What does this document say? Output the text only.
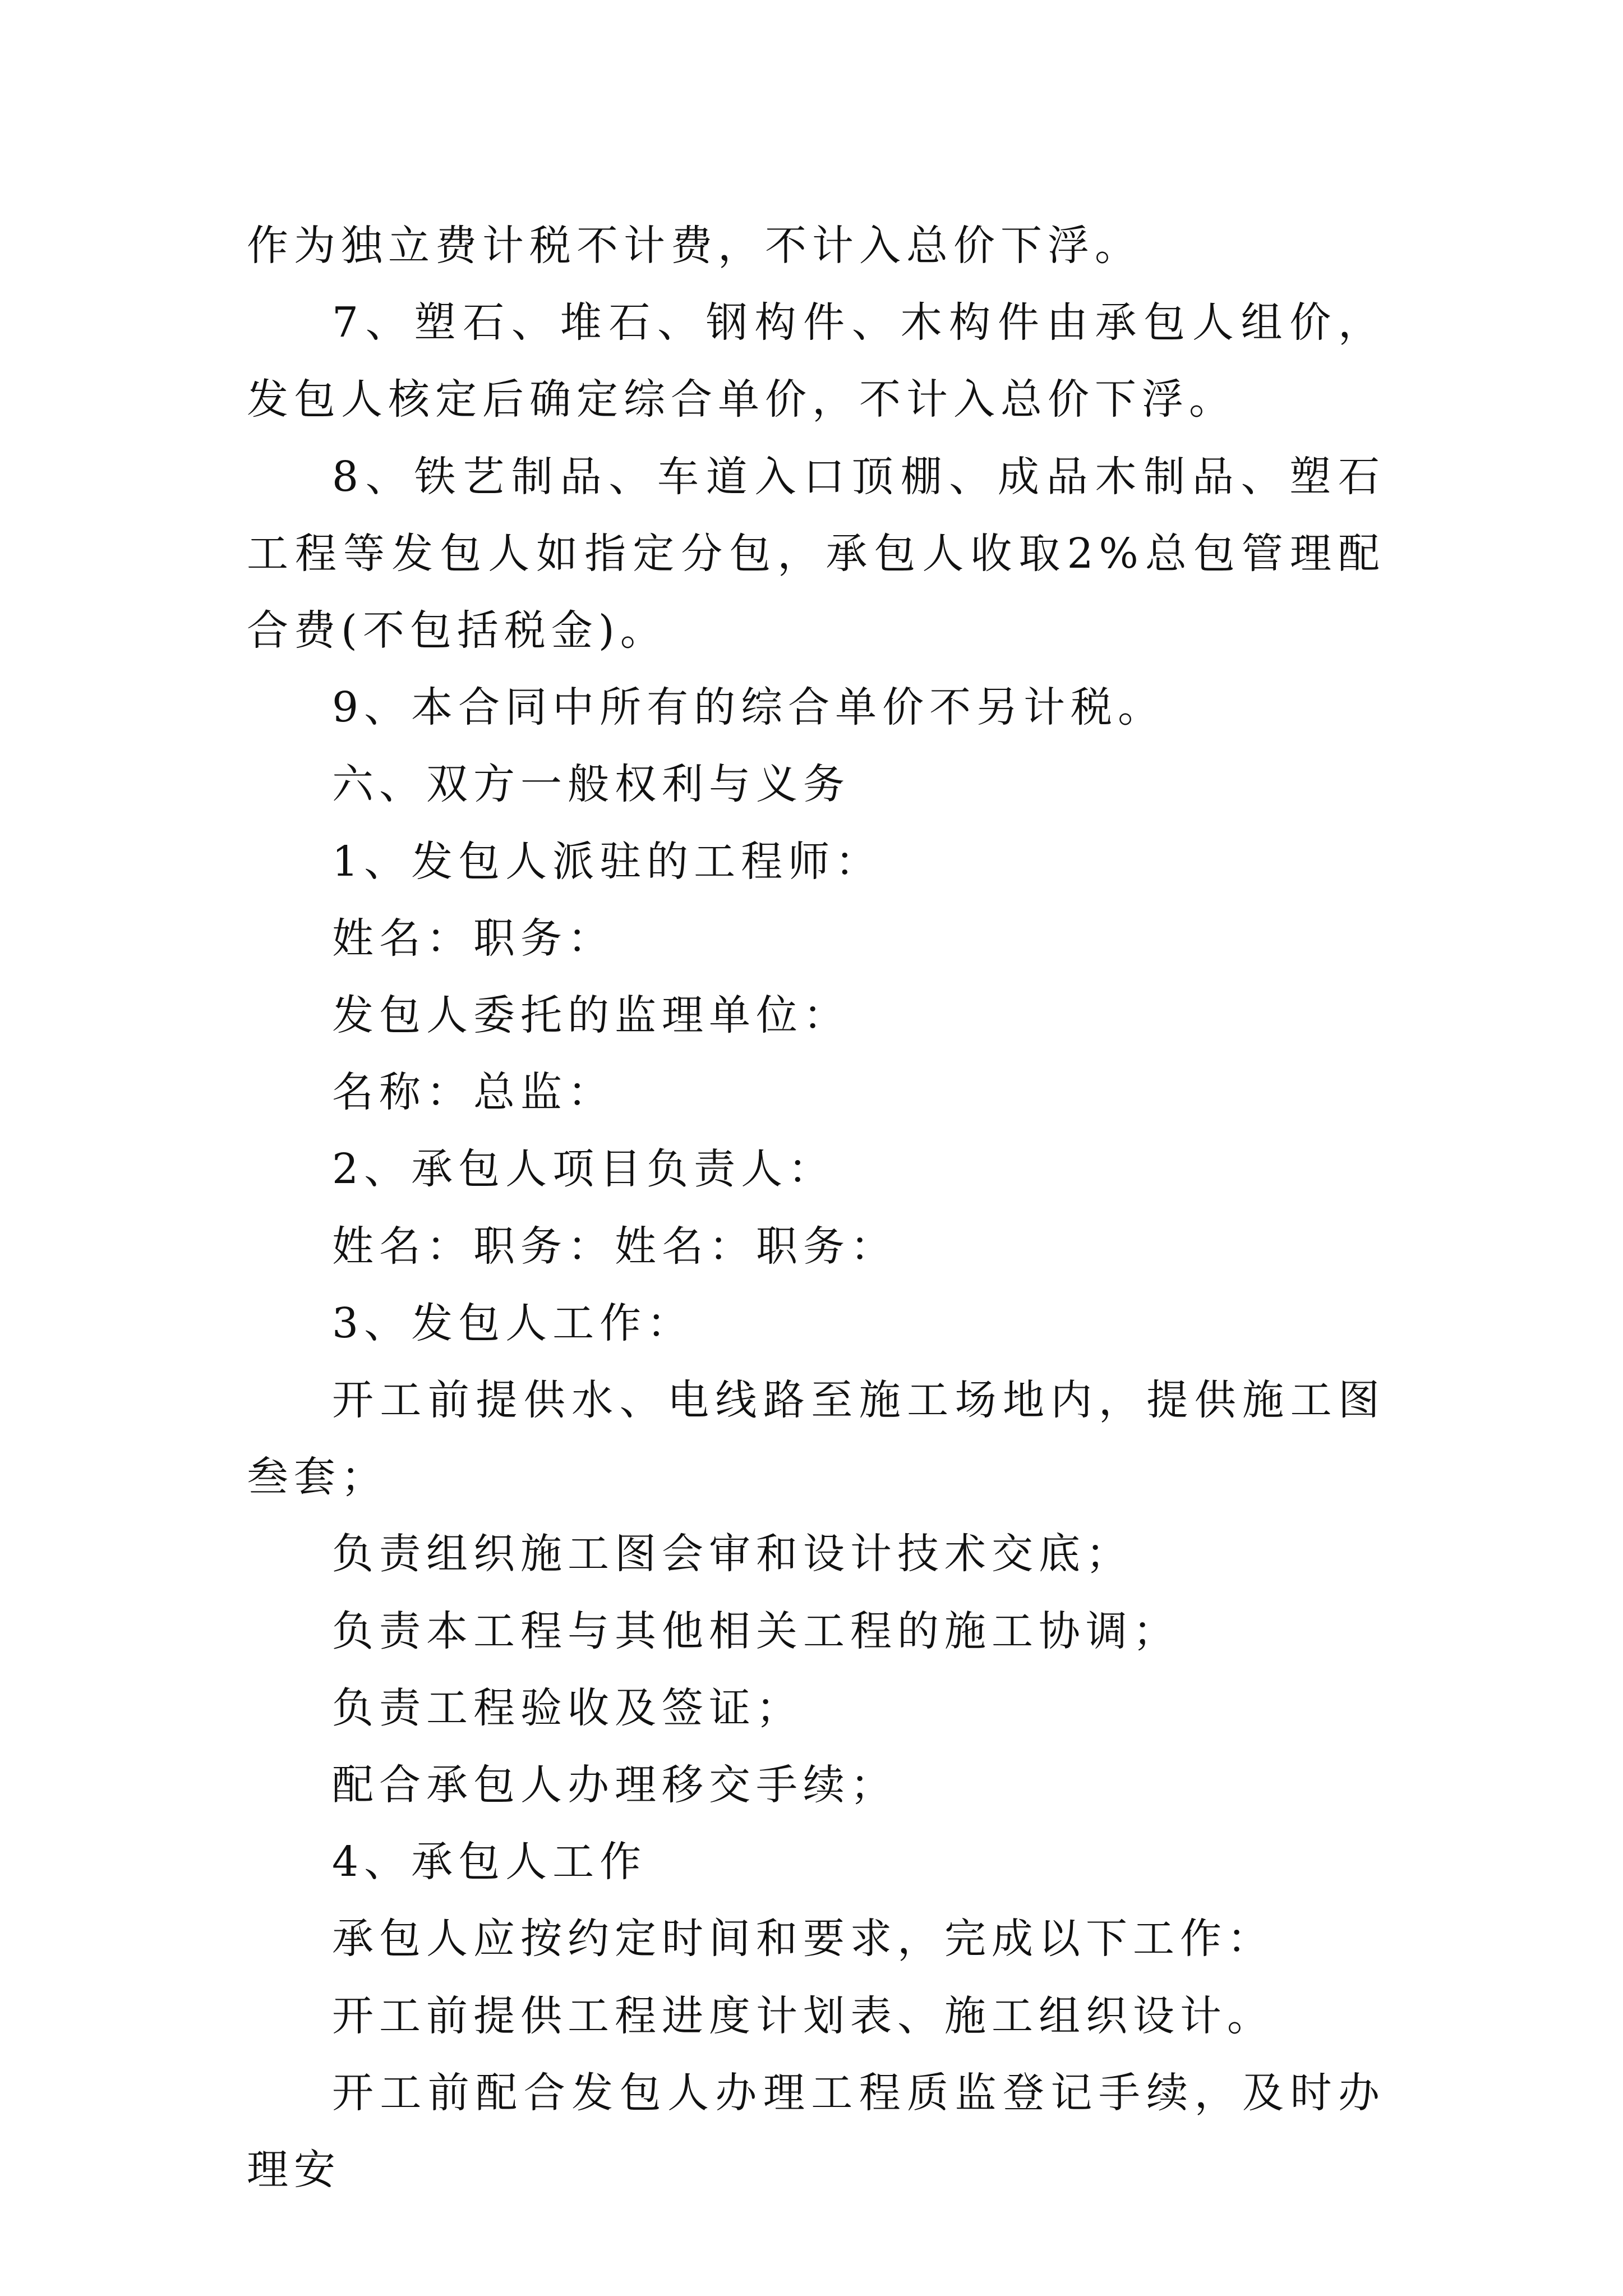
作为独立费计税不计费，不计入总价下浮。

7、塑石、堆石、钢构件、木构件由承包人组价，发包人核定后确定综合单价，不计入总价下浮。

8、铁艺制品、车道入口顶棚、成品木制品、塑石工程等发包人如指定分包，承包人收取2%总包管理配合费(不包括税金)。

9、本合同中所有的综合单价不另计税。

六、双方一般权利与义务

1、发包人派驻的工程师：

姓名：职务：

发包人委托的监理单位：

名称：总监：

2、承包人项目负责人：

姓名：职务：姓名：职务：

3、发包人工作：

开工前提供水、电线路至施工场地内，提供施工图叁套；

负责组织施工图会审和设计技术交底；

负责本工程与其他相关工程的施工协调；

负责工程验收及签证；

配合承包人办理移交手续；

4、承包人工作

承包人应按约定时间和要求，完成以下工作：

开工前提供工程进度计划表、施工组织设计。

开工前配合发包人办理工程质监登记手续，及时办理安
